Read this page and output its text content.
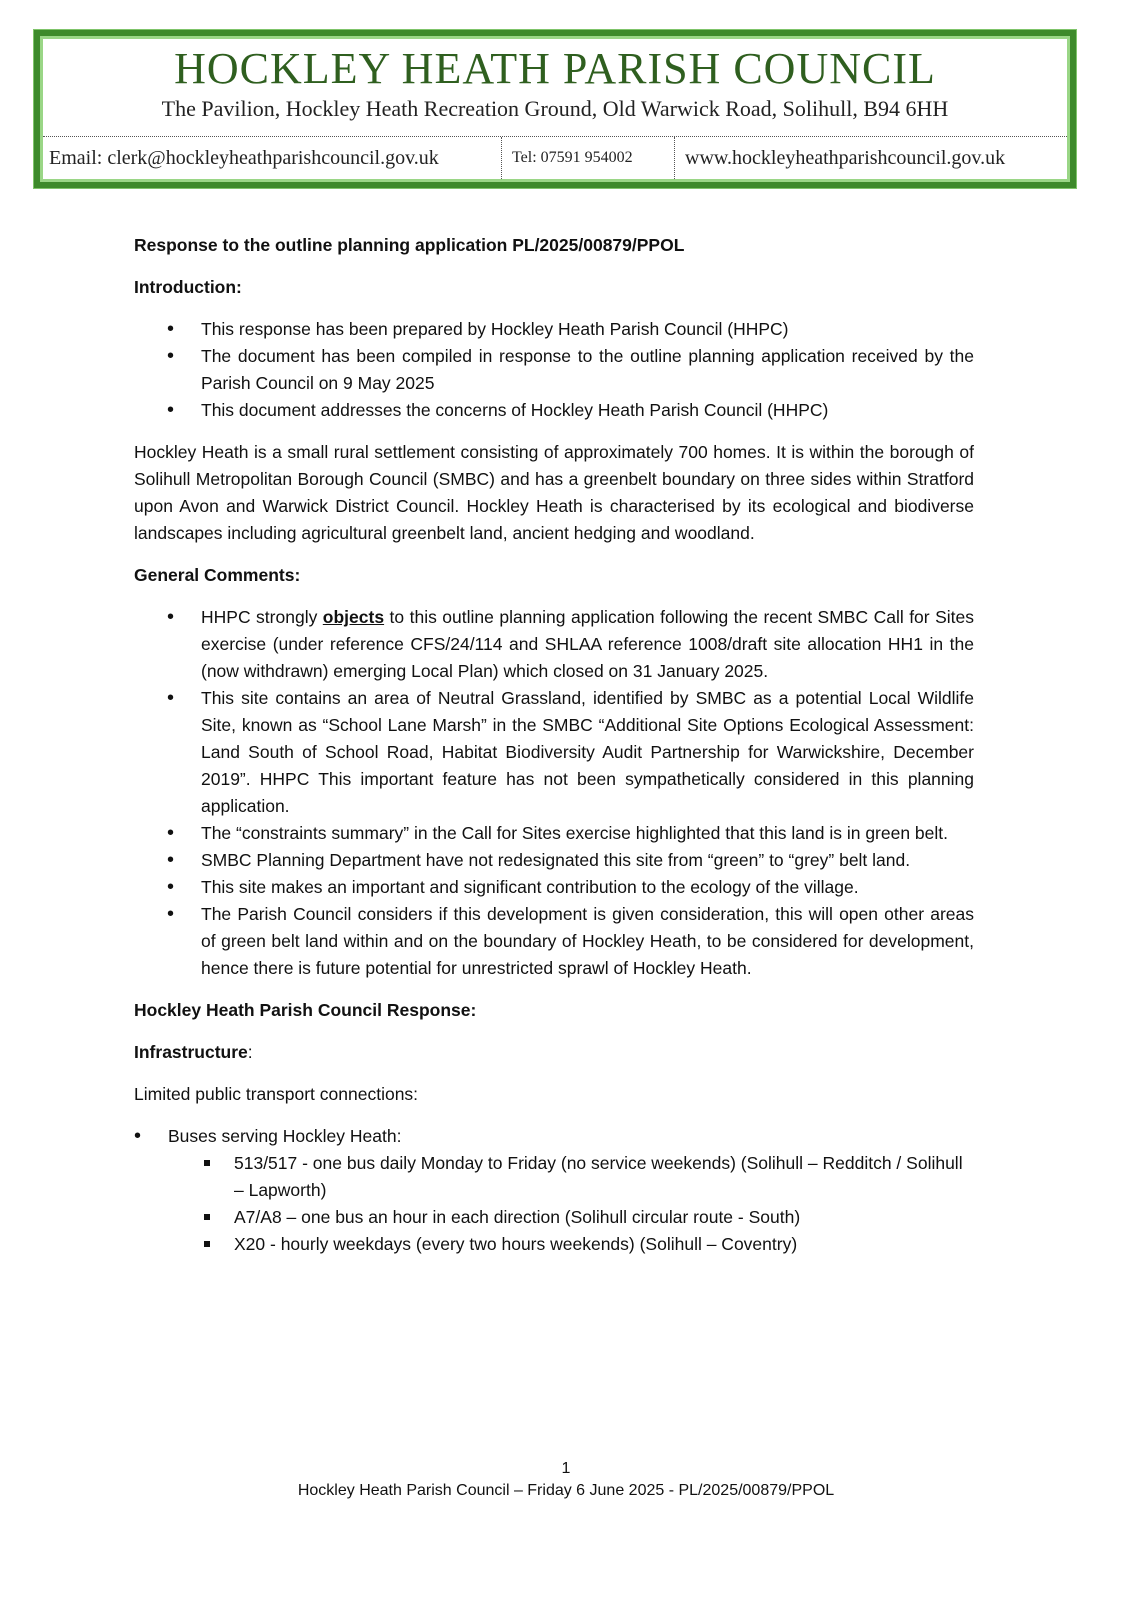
HOCKLEY HEATH PARISH COUNCIL
The Pavilion, Hockley Heath Recreation Ground, Old Warwick Road, Solihull, B94 6HH
Email: clerk@hockleyheathparishcouncil.gov.uk	Tel: 07591 954002	www.hockleyheathparishcouncil.gov.uk

Response to the outline planning application PL/2025/00879/PPOL

Introduction:

• This response has been prepared by Hockley Heath Parish Council (HHPC)
• The document has been compiled in response to the outline planning application received by the Parish Council on 9 May 2025
• This document addresses the concerns of Hockley Heath Parish Council (HHPC)

Hockley Heath is a small rural settlement consisting of approximately 700 homes. It is within the borough of Solihull Metropolitan Borough Council (SMBC) and has a greenbelt boundary on three sides within Stratford upon Avon and Warwick District Council. Hockley Heath is characterised by its ecological and biodiverse landscapes including agricultural greenbelt land, ancient hedging and woodland.

General Comments:

• HHPC strongly objects to this outline planning application following the recent SMBC Call for Sites exercise (under reference CFS/24/114 and SHLAA reference 1008/draft site allocation HH1 in the (now withdrawn) emerging Local Plan) which closed on 31 January 2025.
• This site contains an area of Neutral Grassland, identified by SMBC as a potential Local Wildlife Site, known as “School Lane Marsh” in the SMBC “Additional Site Options Ecological Assessment: Land South of School Road, Habitat Biodiversity Audit Partnership for Warwickshire, December 2019”. HHPC This important feature has not been sympathetically considered in this planning application.
• The “constraints summary” in the Call for Sites exercise highlighted that this land is in green belt.
• SMBC Planning Department have not redesignated this site from “green” to “grey” belt land.
• This site makes an important and significant contribution to the ecology of the village.
• The Parish Council considers if this development is given consideration, this will open other areas of green belt land within and on the boundary of Hockley Heath, to be considered for development, hence there is future potential for unrestricted sprawl of Hockley Heath.

Hockley Heath Parish Council Response:

Infrastructure:

Limited public transport connections:

• Buses serving Hockley Heath:
513/517 - one bus daily Monday to Friday (no service weekends) (Solihull – Redditch / Solihull – Lapworth)
A7/A8 – one bus an hour in each direction (Solihull circular route - South)
X20 - hourly weekdays (every two hours weekends) (Solihull – Coventry)
1
Hockley Heath Parish Council – Friday 6 June 2025 - PL/2025/00879/PPOL
